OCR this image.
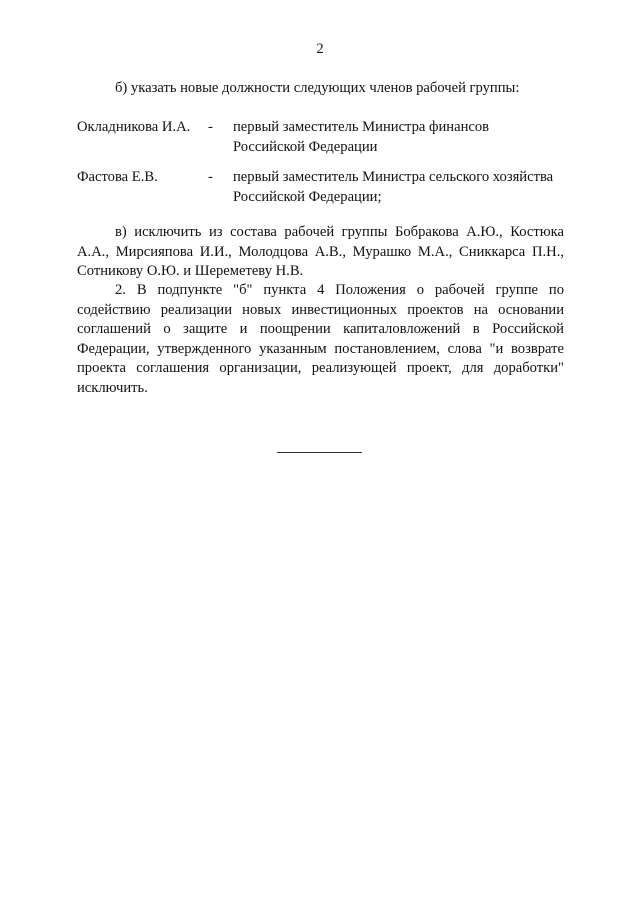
2
б) указать новые должности следующих членов рабочей группы:
Окладникова И.А. - первый заместитель Министра финансов Российской Федерации
Фастова Е.В.	- первый заместитель Министра сельского хозяйства Российской Федерации;
в) исключить из состава рабочей группы Бобракова А.Ю., Костюка А.А., Мирсияпова И.И., Молодцова А.В., Мурашко М.А., Сниккарса П.Н., Сотникову О.Ю. и Шереметеву Н.В.
2. В подпункте "б" пункта 4 Положения о рабочей группе по содействию реализации новых инвестиционных проектов на основании соглашений о защите и поощрении капиталовложений в Российской Федерации, утвержденного указанным постановлением, слова "и возврате проекта соглашения организации, реализующей проект, для доработки" исключить.
